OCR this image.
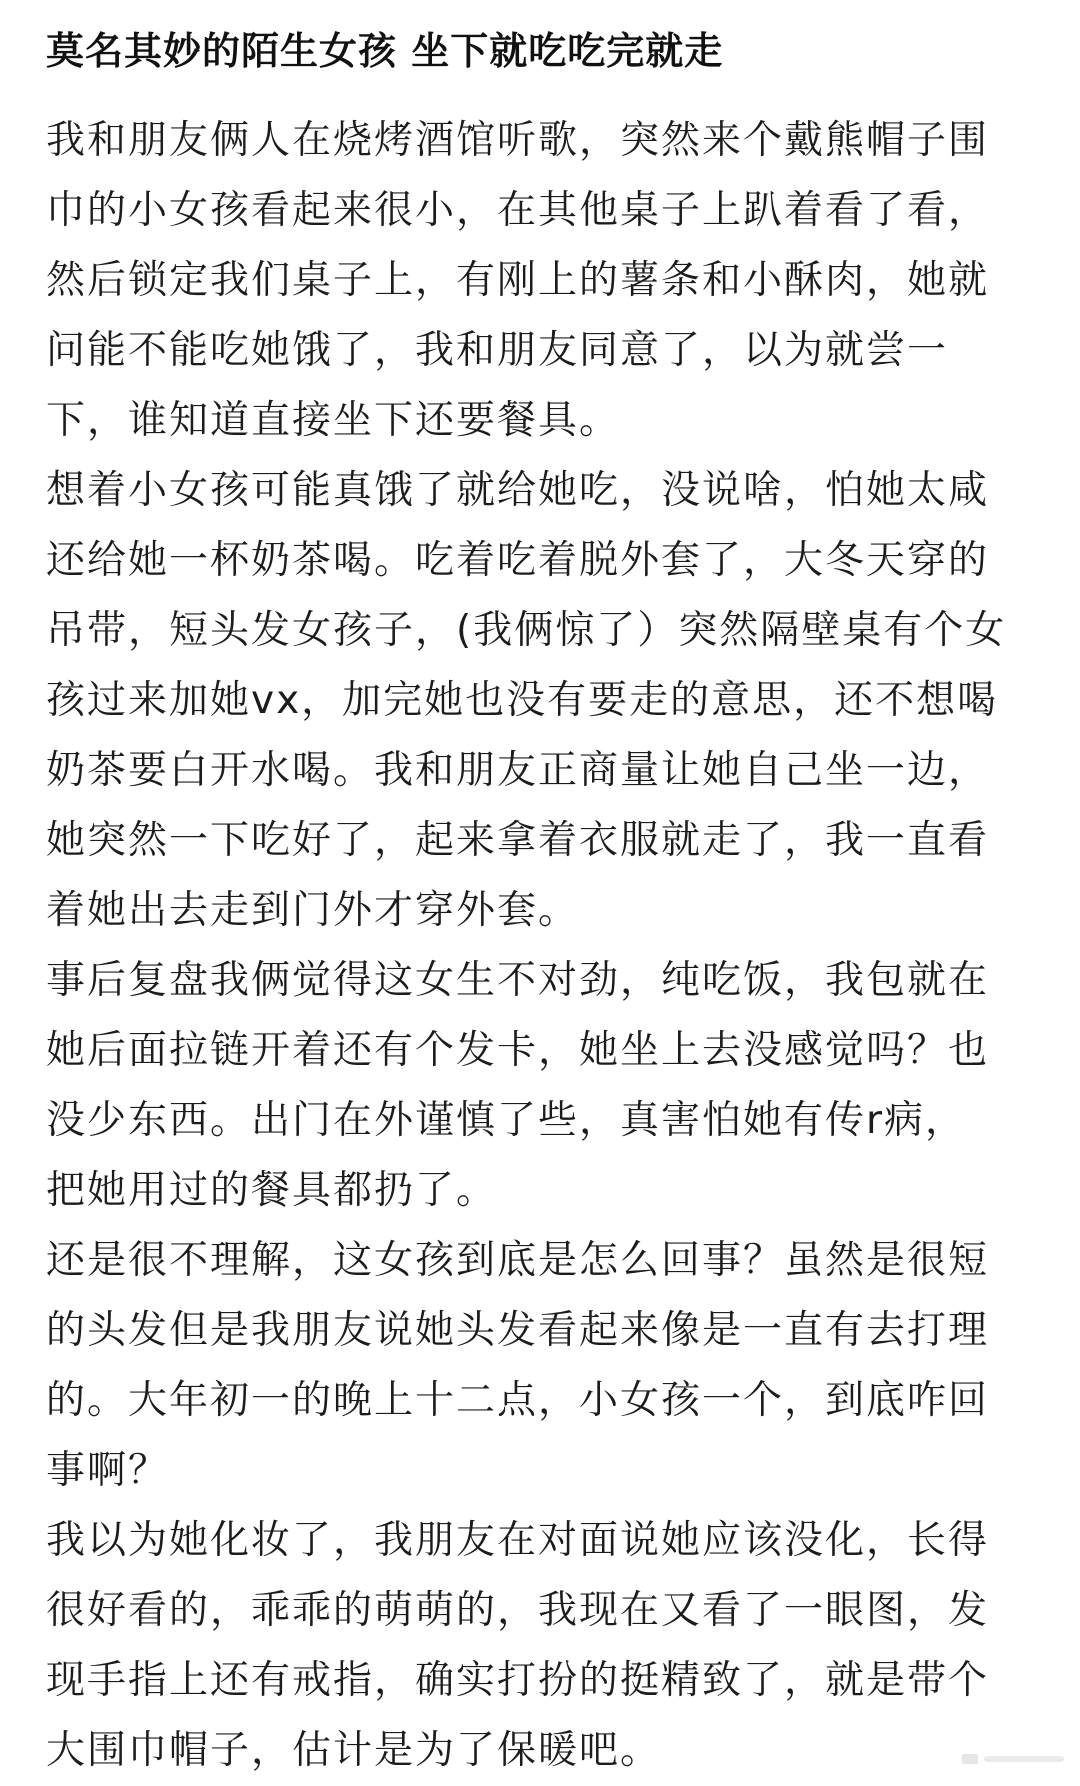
莫名其妙的陌生女孩 坐下就吃吃完就走

我和朋友俩人在烧烤酒馆听歌，突然来个戴熊帽子围
巾的小女孩看起来很小，在其他桌子上趴着看了看，
然后锁定我们桌子上，有刚上的薯条和小酥肉，她就
问能不能吃她饿了，我和朋友同意了，以为就尝一
下，谁知道直接坐下还要餐具。

想着小女孩可能真饿了就给她吃，没说啥，怕她太咸
还给她一杯奶茶喝。吃着吃着脱外套了，大冬天穿的
吊带，短头发女孩子，(我俩惊了）突然隔壁桌有个女
孩过来加她vx，加完她也没有要走的意思，还不想喝
奶茶要白开水喝。我和朋友正商量让她自己坐一边，
她突然一下吃好了，起来拿着衣服就走了，我一直看
着她出去走到门外才穿外套。

事后复盘我俩觉得这女生不对劲，纯吃饭，我包就在
她后面拉链开着还有个发卡，她坐上去没感觉吗？也
没少东西。出门在外谨慎了些，真害怕她有传r病，
把她用过的餐具都扔了。

还是很不理解，这女孩到底是怎么回事？虽然是很短
的头发但是我朋友说她头发看起来像是一直有去打理
的。大年初一的晚上十二点，小女孩一个，到底咋回
事啊？

我以为她化妆了，我朋友在对面说她应该没化，长得
很好看的，乖乖的萌萌的，我现在又看了一眼图，发
现手指上还有戒指，确实打扮的挺精致了，就是带个
大围巾帽子，估计是为了保暖吧。
